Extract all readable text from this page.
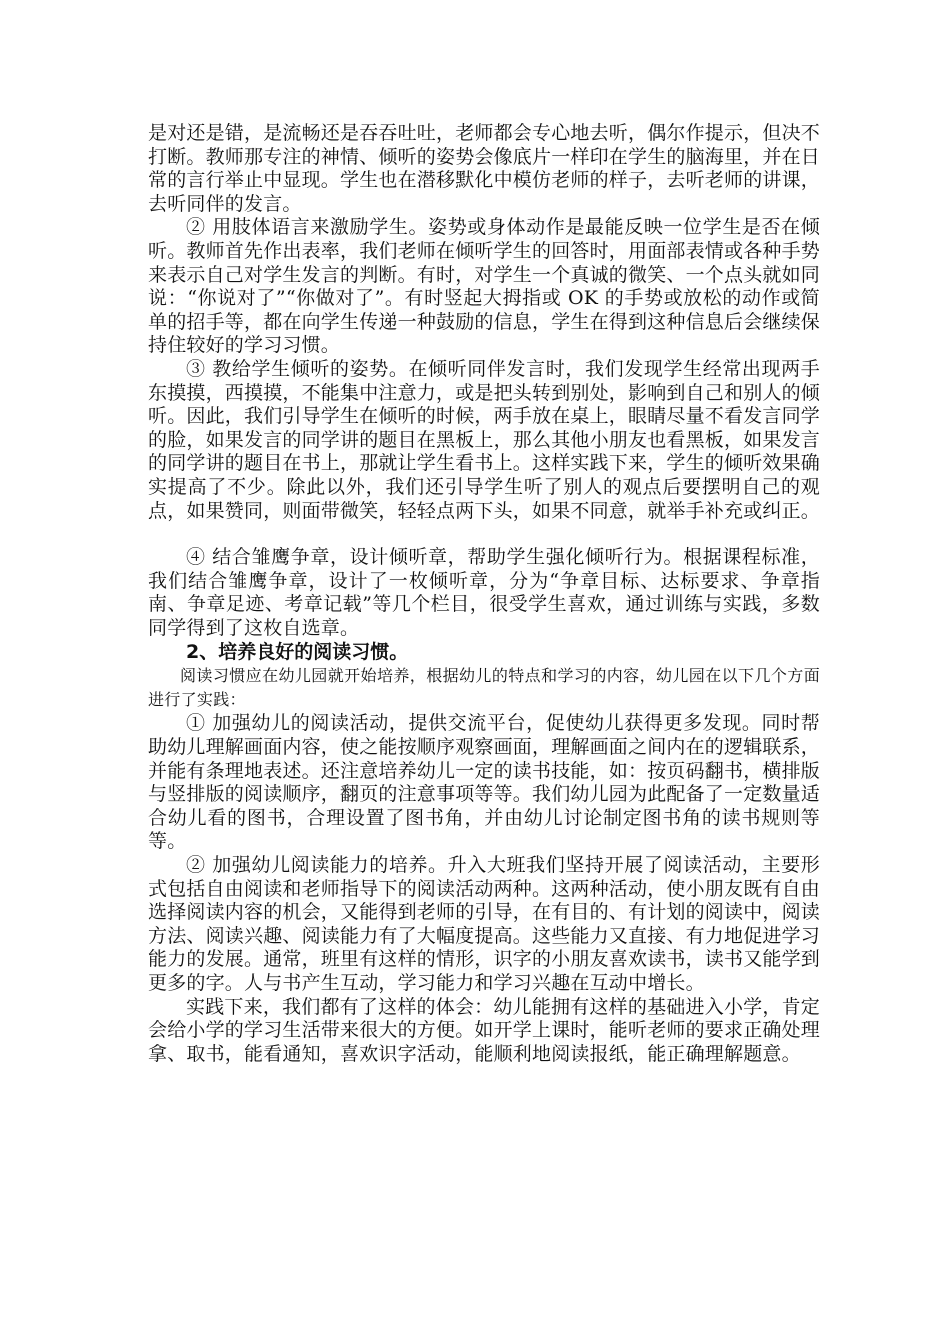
是对还是错，是流畅还是吞吞吐吐，老师都会专心地去听，偶尔作提示，但决不打断。教师那专注的神情、倾听的姿势会像底片一样印在学生的脑海里，并在日常的言行举止中显现。学生也在潜移默化中模仿老师的样子，去听老师的讲课，去听同伴的发言。

② 用肢体语言来激励学生。姿势或身体动作是最能反映一位学生是否在倾听。教师首先作出表率，我们老师在倾听学生的回答时，用面部表情或各种手势来表示自己对学生发言的判断。有时，对学生一个真诚的微笑、一个点头就如同说：“你说对了”“你做对了”。有时竖起大拇指或 OK 的手势或放松的动作或简单的招手等，都在向学生传递一种鼓励的信息，学生在得到这种信息后会继续保持住较好的学习习惯。

③ 教给学生倾听的姿势。在倾听同伴发言时，我们发现学生经常出现两手东摸摸，西摸摸，不能集中注意力，或是把头转到别处，影响到自己和别人的倾听。因此，我们引导学生在倾听的时候，两手放在桌上，眼睛尽量不看发言同学的脸，如果发言的同学讲的题目在黑板上，那么其他小朋友也看黑板，如果发言的同学讲的题目在书上，那就让学生看书上。这样实践下来，学生的倾听效果确实提高了不少。除此以外，我们还引导学生听了别人的观点后要摆明自己的观点，如果赞同，则面带微笑，轻轻点两下头，如果不同意，就举手补充或纠正。

④ 结合雏鹰争章，设计倾听章，帮助学生强化倾听行为。根据课程标准，我们结合雏鹰争章，设计了一枚倾听章，分为“争章目标、达标要求、争章指南、争章足迹、考章记载”等几个栏目，很受学生喜欢，通过训练与实践，多数同学得到了这枚自选章。

2、培养良好的阅读习惯。

阅读习惯应在幼儿园就开始培养，根据幼儿的特点和学习的内容，幼儿园在以下几个方面进行了实践：

① 加强幼儿的阅读活动，提供交流平台，促使幼儿获得更多发现。同时帮助幼儿理解画面内容，使之能按顺序观察画面，理解画面之间内在的逻辑联系，并能有条理地表述。还注意培养幼儿一定的读书技能，如：按页码翻书，横排版与竖排版的阅读顺序，翻页的注意事项等等。我们幼儿园为此配备了一定数量适合幼儿看的图书，合理设置了图书角，并由幼儿讨论制定图书角的读书规则等等。

② 加强幼儿阅读能力的培养。升入大班我们坚持开展了阅读活动，主要形式包括自由阅读和老师指导下的阅读活动两种。这两种活动，使小朋友既有自由选择阅读内容的机会，又能得到老师的引导，在有目的、有计划的阅读中，阅读方法、阅读兴趣、阅读能力有了大幅度提高。这些能力又直接、有力地促进学习能力的发展。通常，班里有这样的情形，识字的小朋友喜欢读书，读书又能学到更多的字。人与书产生互动，学习能力和学习兴趣在互动中增长。

实践下来，我们都有了这样的体会：幼儿能拥有这样的基础进入小学，肯定会给小学的学习生活带来很大的方便。如开学上课时，能听老师的要求正确处理拿、取书，能看通知，喜欢识字活动，能顺利地阅读报纸，能正确理解题意。
